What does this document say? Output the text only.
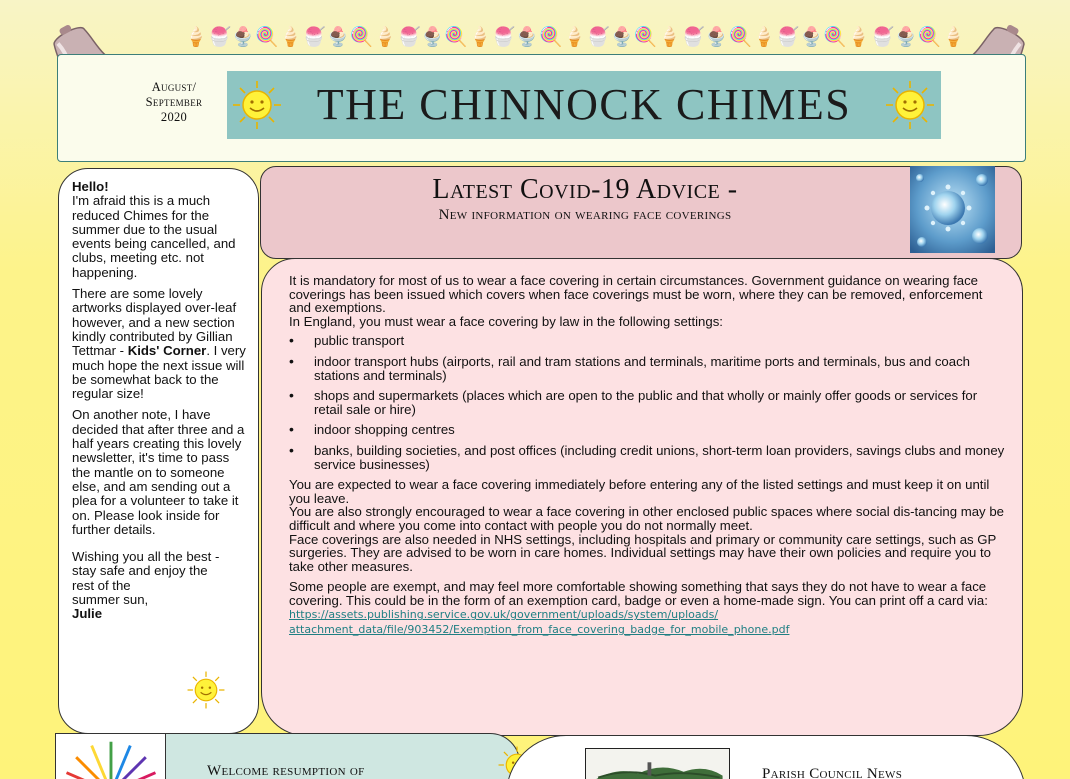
🍦 🍧 🍨 🍭 🍦 🍧 🍨 🍭 🍦 🍧 🍨 🍭 🍦 🍧 🍨 🍭 🍦 🍧 🍨 🍭 🍦 🍧 🍨 🍭 🍦 🍧 🍨 🍭 🍦 🍧 🍨 🍭 🍦
August/
September
2020	THE CHINNOCK CHIMES
Hello!

I'm afraid this is a much reduced Chimes for the summer due to the usual events being cancelled, and clubs, meeting etc. not happening.

There are some lovely artworks displayed over-leaf however, and a new section kindly contributed by Gillian Tettmar - Kids' Corner. I very much hope the next issue will be somewhat back to the regular size!

On another note, I have decided that after three and a half years creating this lovely newsletter, it's time to pass the mantle on to someone else, and am sending out a plea for a volunteer to take it on. Please look inside for further details.

Wishing you all the best - stay safe and enjoy the rest of the
summer sun,
Julie
Latest Covid-19 Advice -
New information on wearing face coverings

It is mandatory for most of us to wear a face covering in certain circumstances. Government guidance on wearing face coverings has been issued which covers when face coverings must be worn, where they can be removed, enforcement and exemptions.

In England, you must wear a face covering by law in the following settings:

• public transport
• indoor transport hubs (airports, rail and tram stations and terminals, maritime ports and terminals, bus and coach stations and terminals)
• shops and supermarkets (places which are open to the public and that wholly or mainly offer goods or services for retail sale or hire)
• indoor shopping centres
• banks, building societies, and post offices (including credit unions, short-term loan providers, savings clubs and money service businesses)

You are expected to wear a face covering immediately before entering any of the listed settings and must keep it on until you leave.

You are also strongly encouraged to wear a face covering in other enclosed public spaces where social dis-tancing may be difficult and where you come into contact with people you do not normally meet.

Face coverings are also needed in NHS settings, including hospitals and primary or community care settings, such as GP surgeries. They are advised to be worn in care homes. Individual settings may have their own policies and require you to take other measures.

Some people are exempt, and may feel more comfortable showing something that says they do not have to wear a face covering. This could be in the form of an exemption card, badge or even a home-made sign. You can print off a card via: https://assets.publishing.service.gov.uk/government/uploads/system/uploads/
attachment_data/file/903452/Exemption_from_face_covering_badge_for_mobile_phone.pdf

Welcome resumption of	Parish Council News
